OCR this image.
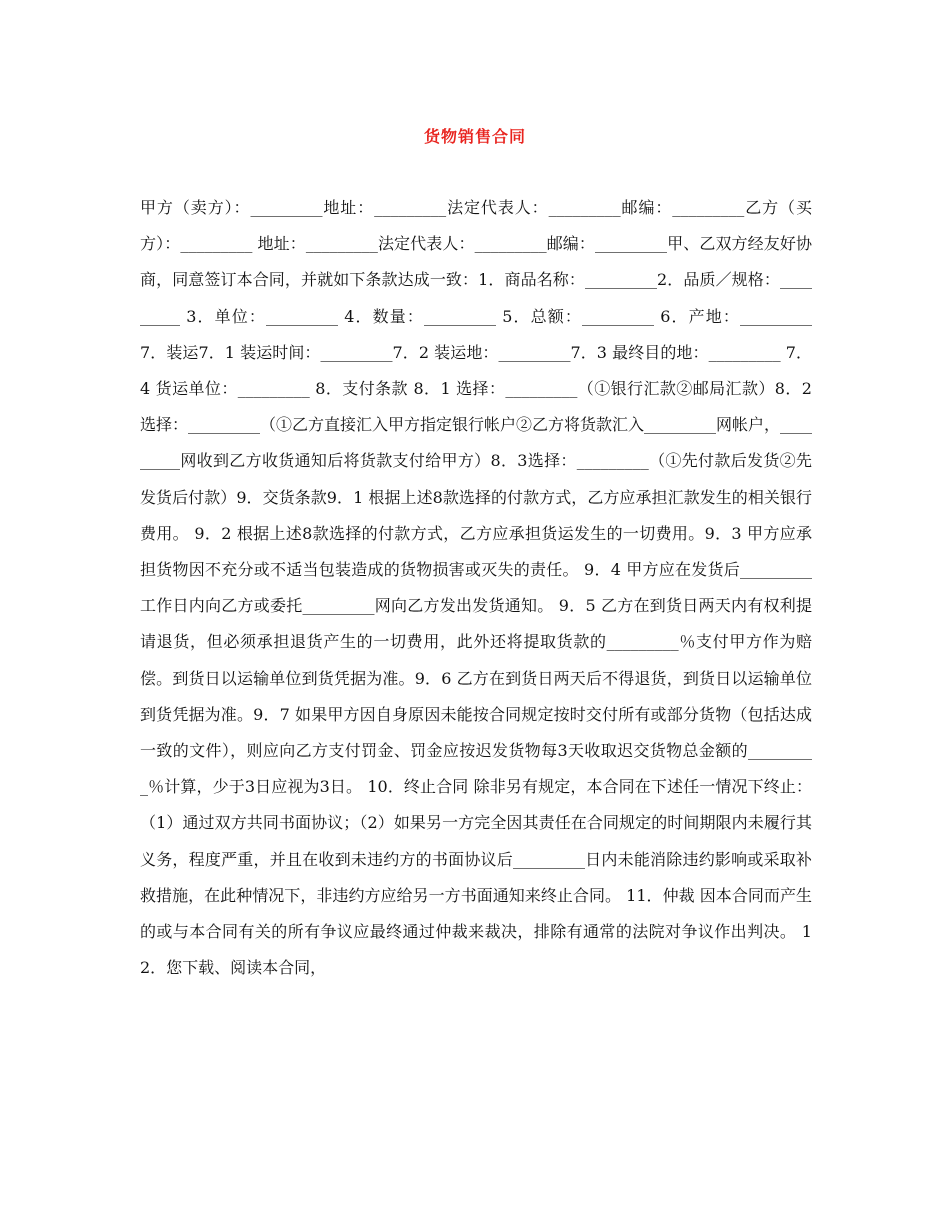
货物销售合同

甲方（卖方）：_________地址：_________法定代表人：_________邮编：_________乙方（买方）：_________ 地址：_________法定代表人：_________邮编：_________甲、乙双方经友好协商，同意签订本合同，并就如下条款达成一致：1．商品名称：_________2．品质／规格：_________ 3．单位：_________ 4．数量：_________ 5．总额：_________ 6．产地：_________ 7．装运7．1 装运时间：_________7．2 装运地：_________7．3 最终目的地：_________ 7．4 货运单位：_________ 8．支付条款 8．1 选择：_________（①银行汇款②邮局汇款）8．2 选择：_________（①乙方直接汇入甲方指定银行帐户②乙方将货款汇入_________网帐户，_________网收到乙方收货通知后将货款支付给甲方）8．3选择：_________（①先付款后发货②先发货后付款）9．交货条款9．1 根据上述8款选择的付款方式，乙方应承担汇款发生的相关银行费用。 9．2 根据上述8款选择的付款方式，乙方应承担货运发生的一切费用。9．3 甲方应承担货物因不充分或不适当包装造成的货物损害或灭失的责任。 9．4 甲方应在发货后_________工作日内向乙方或委托_________网向乙方发出发货通知。 9．5 乙方在到货日两天内有权利提请退货，但必须承担退货产生的一切费用，此外还将提取货款的_________％支付甲方作为赔偿。到货日以运输单位到货凭据为准。9．6 乙方在到货日两天后不得退货，到货日以运输单位到货凭据为准。9．7 如果甲方因自身原因未能按合同规定按时交付所有或部分货物（包括达成一致的文件），则应向乙方支付罚金、罚金应按迟发货物每3天收取迟交货物总金额的_________％计算，少于3日应视为3日。 10．终止合同 除非另有规定，本合同在下述任一情况下终止：（1）通过双方共同书面协议；（2）如果另一方完全因其责任在合同规定的时间期限内未履行其义务，程度严重，并且在收到未违约方的书面协议后_________日内未能消除违约影响或采取补救措施，在此种情况下，非违约方应给另一方书面通知来终止合同。 11．仲裁 因本合同而产生的或与本合同有关的所有争议应最终通过仲裁来裁决，排除有通常的法院对争议作出判决。 12．您下载、阅读本合同，
